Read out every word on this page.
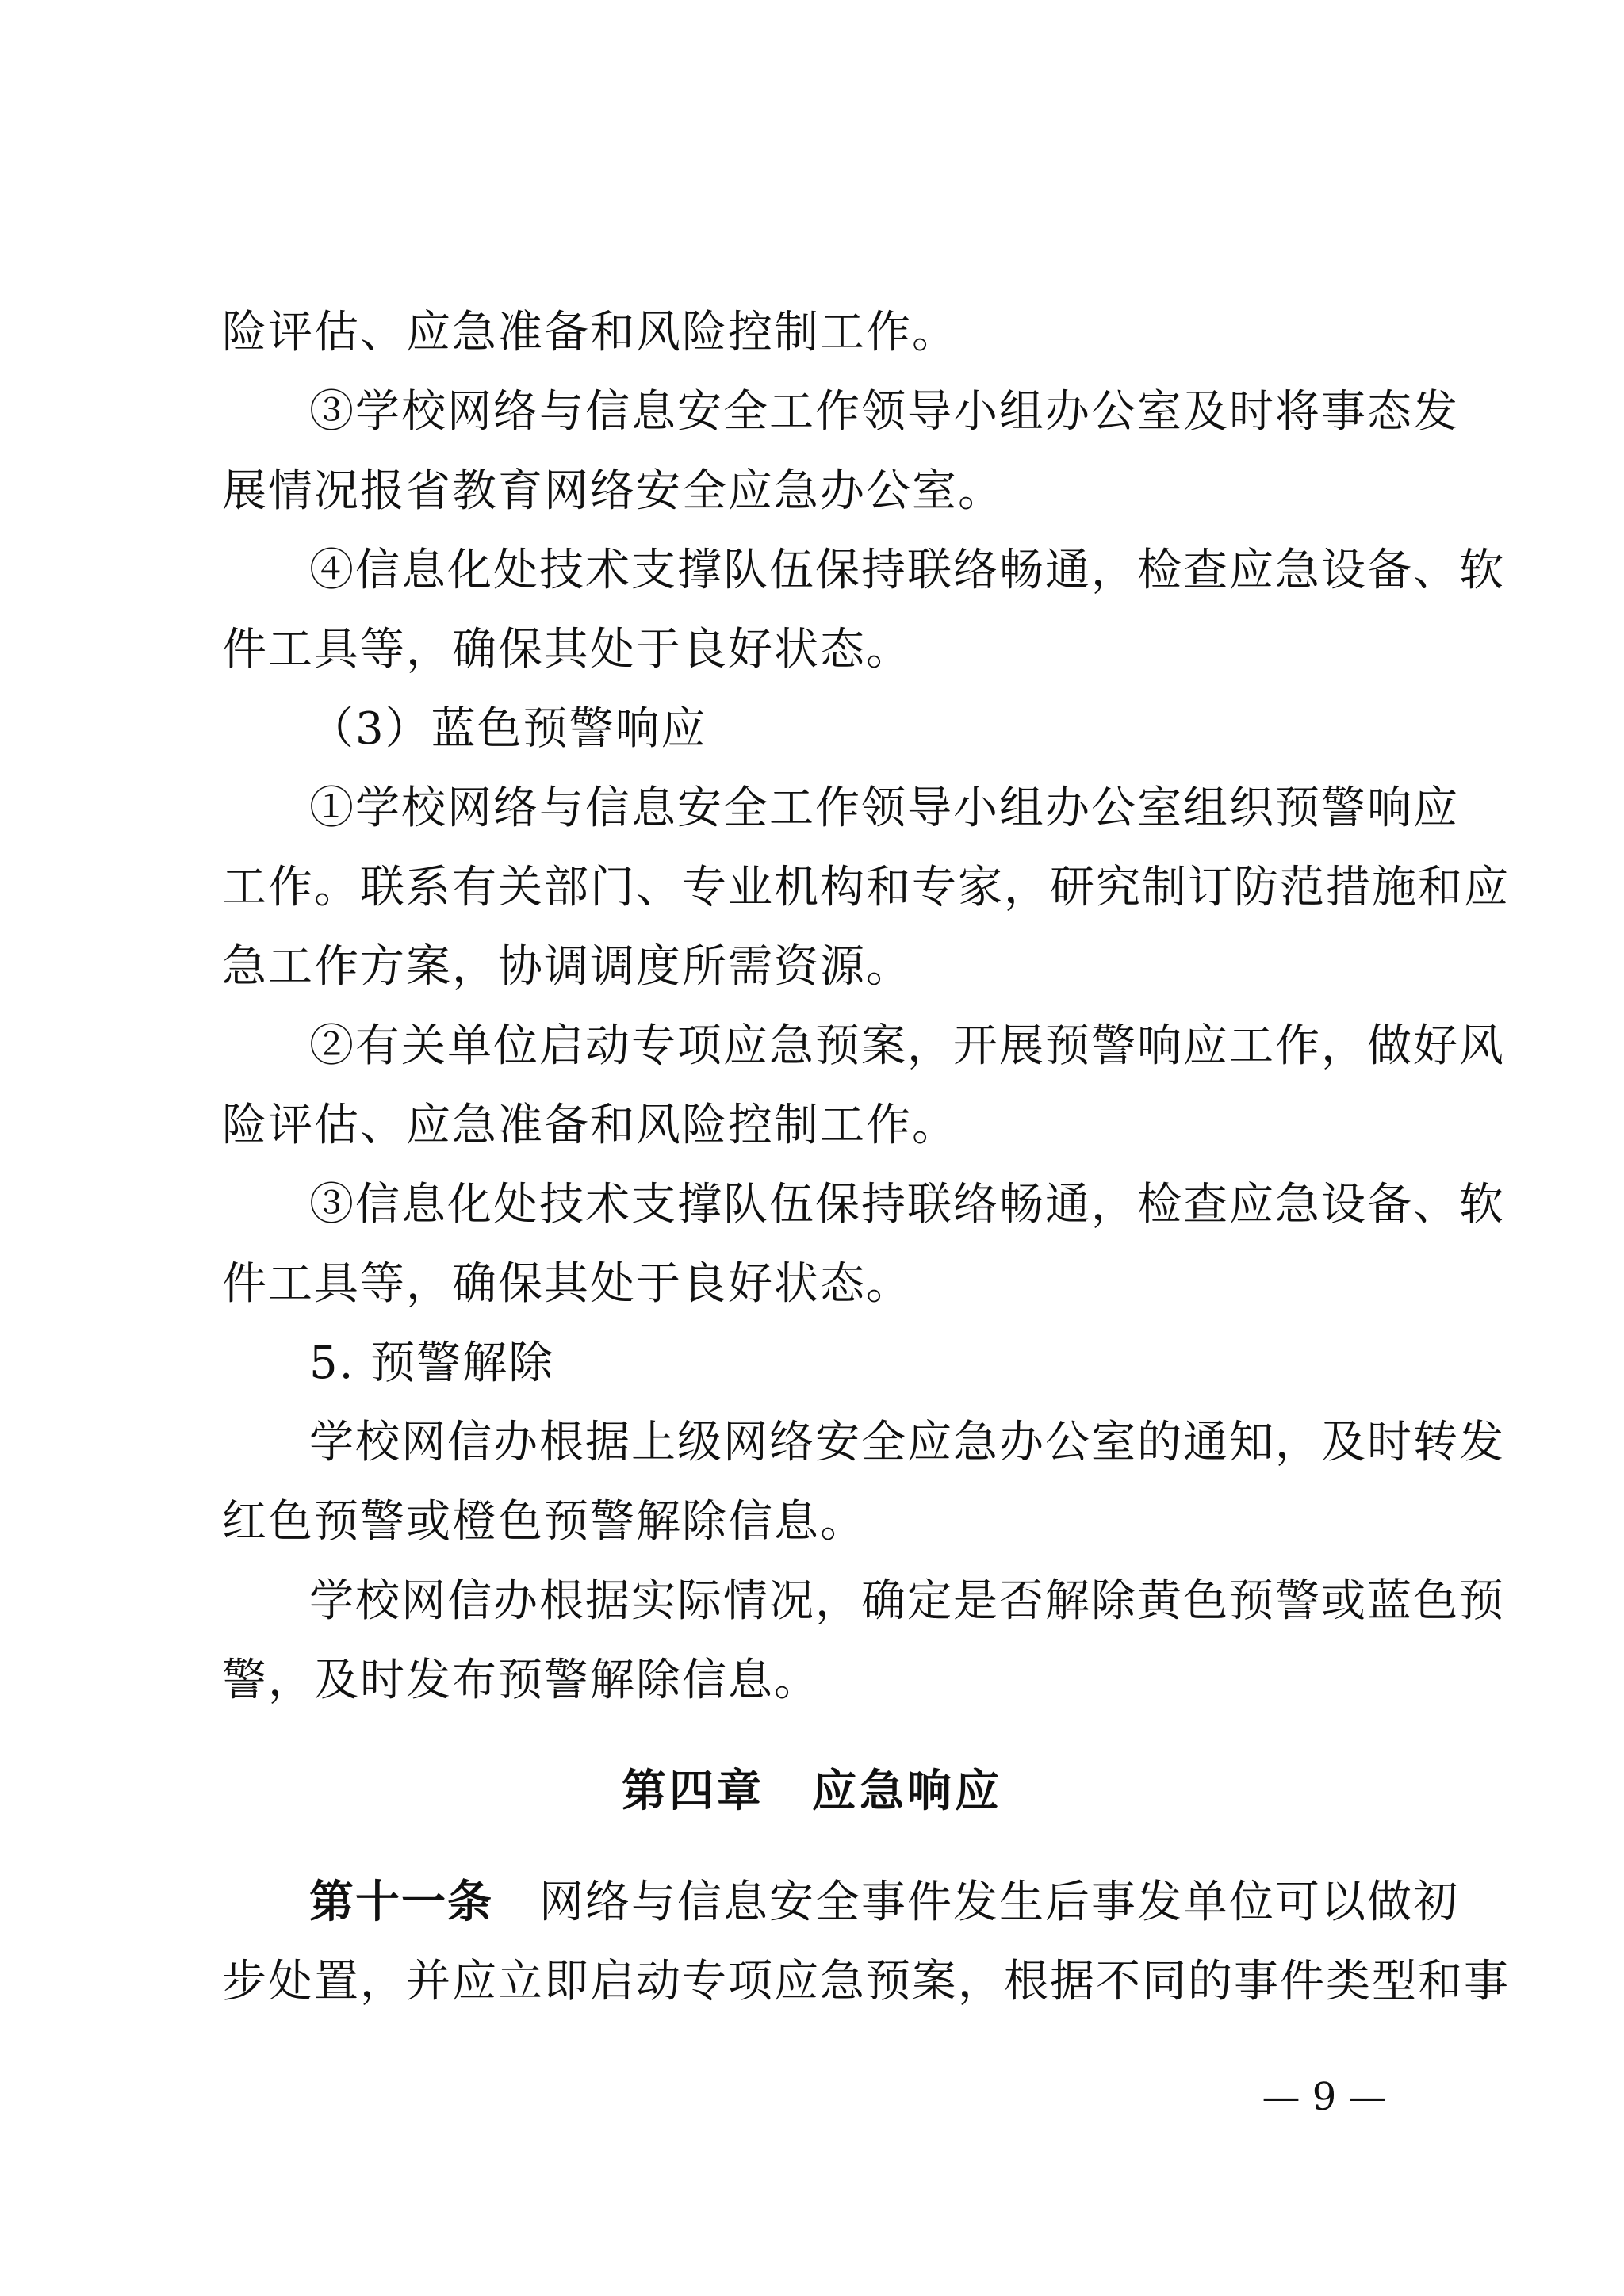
险评估、应急准备和风险控制工作。
③学校网络与信息安全工作领导小组办公室及时将事态发
展情况报省教育网络安全应急办公室。
④信息化处技术支撑队伍保持联络畅通，检查应急设备、软
件工具等，确保其处于良好状态。
（3）蓝色预警响应
①学校网络与信息安全工作领导小组办公室组织预警响应
工作。联系有关部门、专业机构和专家，研究制订防范措施和应
急工作方案，协调调度所需资源。
②有关单位启动专项应急预案，开展预警响应工作，做好风
险评估、应急准备和风险控制工作。
③信息化处技术支撑队伍保持联络畅通，检查应急设备、软
件工具等，确保其处于良好状态。
5. 预警解除
学校网信办根据上级网络安全应急办公室的通知，及时转发
红色预警或橙色预警解除信息。
学校网信办根据实际情况，确定是否解除黄色预警或蓝色预
警，及时发布预警解除信息。
第四章　应急响应
第十一条　网络与信息安全事件发生后事发单位可以做初
步处置，并应立即启动专项应急预案，根据不同的事件类型和事
— 9 —
